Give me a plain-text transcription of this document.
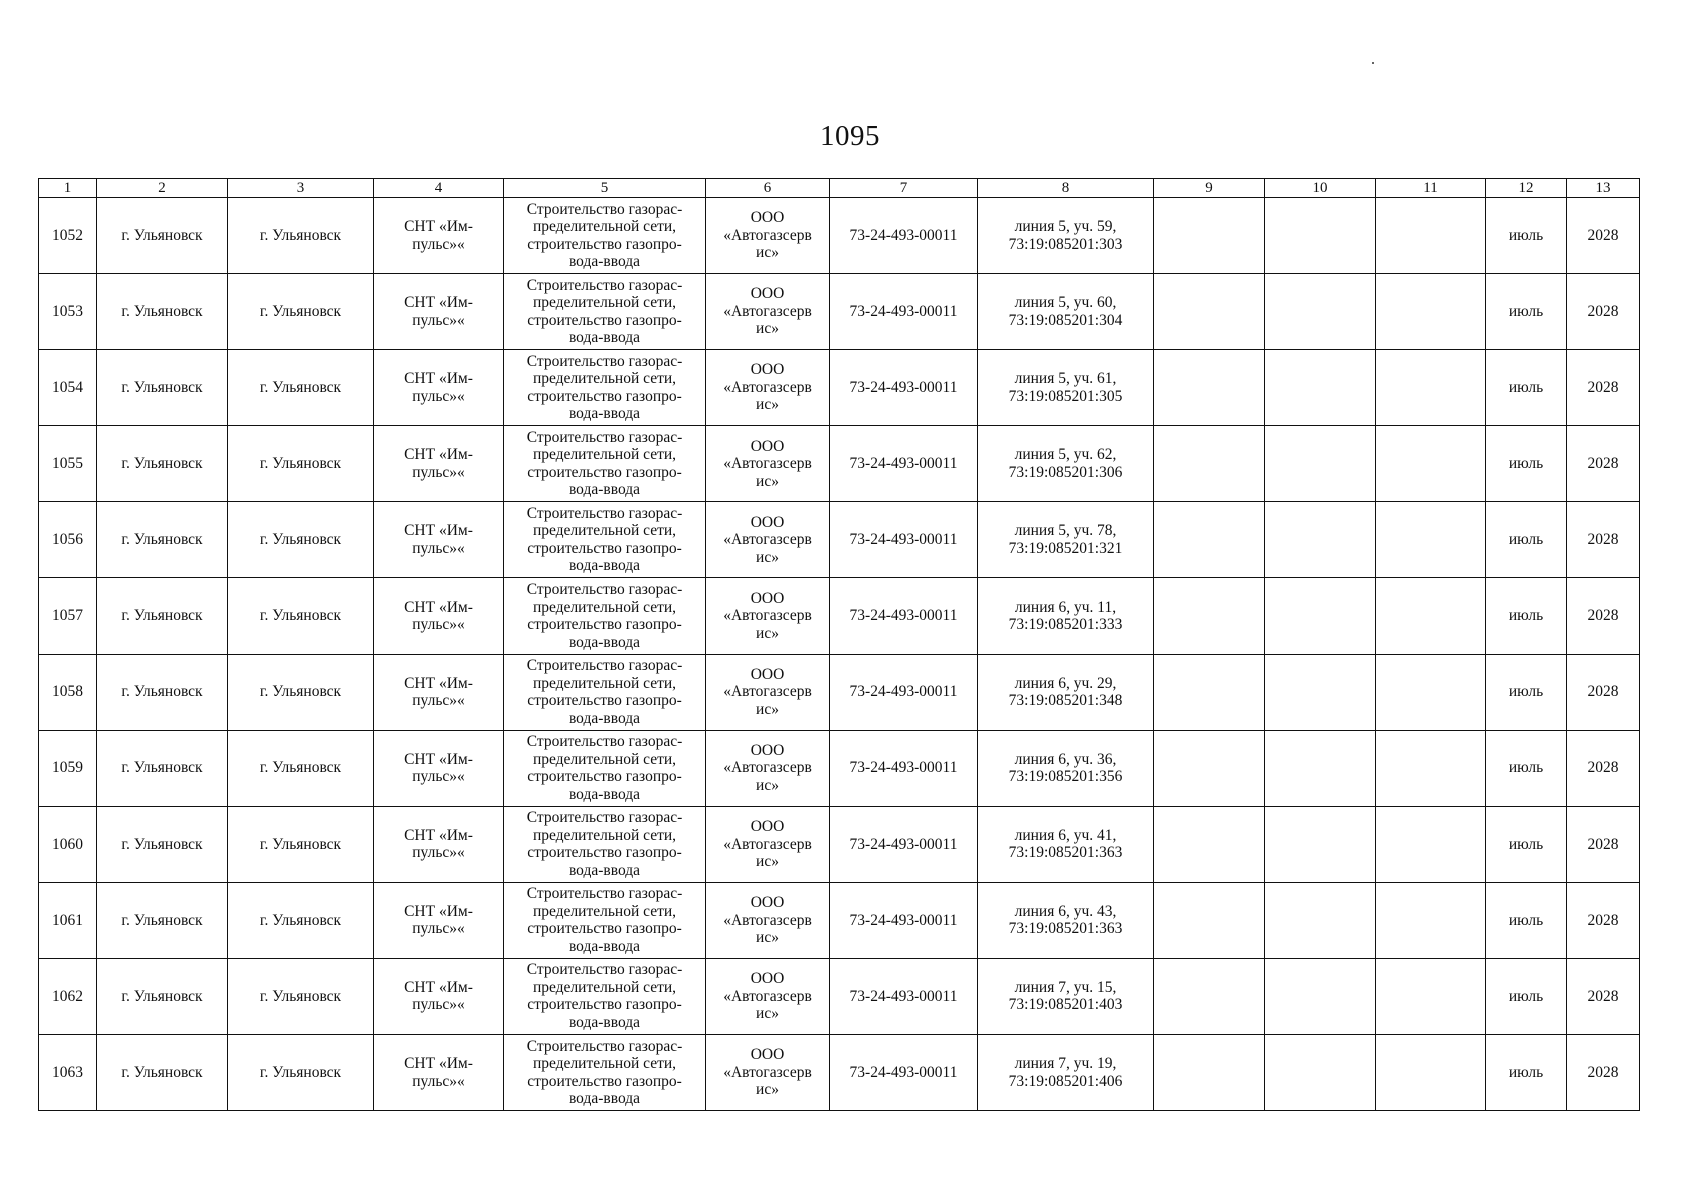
1095
1	2	3	4	5	6	7	8	9	10	11	12	13
1052	г. Ульяновск	г. Ульяновск	СНТ «Им-
пульс»«	Строительство газорас-
пределительной сети,
строительство газопро-
вода-ввода	ООО
«Автогазсерв
ис»	73-24-493-00011	линия 5, уч. 59,
73:19:085201:303				июль	2028
1053	г. Ульяновск	г. Ульяновск	СНТ «Им-
пульс»«	Строительство газорас-
пределительной сети,
строительство газопро-
вода-ввода	ООО
«Автогазсерв
ис»	73-24-493-00011	линия 5, уч. 60,
73:19:085201:304				июль	2028
1054	г. Ульяновск	г. Ульяновск	СНТ «Им-
пульс»«	Строительство газорас-
пределительной сети,
строительство газопро-
вода-ввода	ООО
«Автогазсерв
ис»	73-24-493-00011	линия 5, уч. 61,
73:19:085201:305				июль	2028
1055	г. Ульяновск	г. Ульяновск	СНТ «Им-
пульс»«	Строительство газорас-
пределительной сети,
строительство газопро-
вода-ввода	ООО
«Автогазсерв
ис»	73-24-493-00011	линия 5, уч. 62,
73:19:085201:306				июль	2028
1056	г. Ульяновск	г. Ульяновск	СНТ «Им-
пульс»«	Строительство газорас-
пределительной сети,
строительство газопро-
вода-ввода	ООО
«Автогазсерв
ис»	73-24-493-00011	линия 5, уч. 78,
73:19:085201:321				июль	2028
1057	г. Ульяновск	г. Ульяновск	СНТ «Им-
пульс»«	Строительство газорас-
пределительной сети,
строительство газопро-
вода-ввода	ООО
«Автогазсерв
ис»	73-24-493-00011	линия 6, уч. 11,
73:19:085201:333				июль	2028
1058	г. Ульяновск	г. Ульяновск	СНТ «Им-
пульс»«	Строительство газорас-
пределительной сети,
строительство газопро-
вода-ввода	ООО
«Автогазсерв
ис»	73-24-493-00011	линия 6, уч. 29,
73:19:085201:348				июль	2028
1059	г. Ульяновск	г. Ульяновск	СНТ «Им-
пульс»«	Строительство газорас-
пределительной сети,
строительство газопро-
вода-ввода	ООО
«Автогазсерв
ис»	73-24-493-00011	линия 6, уч. 36,
73:19:085201:356				июль	2028
1060	г. Ульяновск	г. Ульяновск	СНТ «Им-
пульс»«	Строительство газорас-
пределительной сети,
строительство газопро-
вода-ввода	ООО
«Автогазсерв
ис»	73-24-493-00011	линия 6, уч. 41,
73:19:085201:363				июль	2028
1061	г. Ульяновск	г. Ульяновск	СНТ «Им-
пульс»«	Строительство газорас-
пределительной сети,
строительство газопро-
вода-ввода	ООО
«Автогазсерв
ис»	73-24-493-00011	линия 6, уч. 43,
73:19:085201:363				июль	2028
1062	г. Ульяновск	г. Ульяновск	СНТ «Им-
пульс»«	Строительство газорас-
пределительной сети,
строительство газопро-
вода-ввода	ООО
«Автогазсерв
ис»	73-24-493-00011	линия 7, уч. 15,
73:19:085201:403				июль	2028
1063	г. Ульяновск	г. Ульяновск	СНТ «Им-
пульс»«	Строительство газорас-
пределительной сети,
строительство газопро-
вода-ввода	ООО
«Автогазсерв
ис»	73-24-493-00011	линия 7, уч. 19,
73:19:085201:406				июль	2028
